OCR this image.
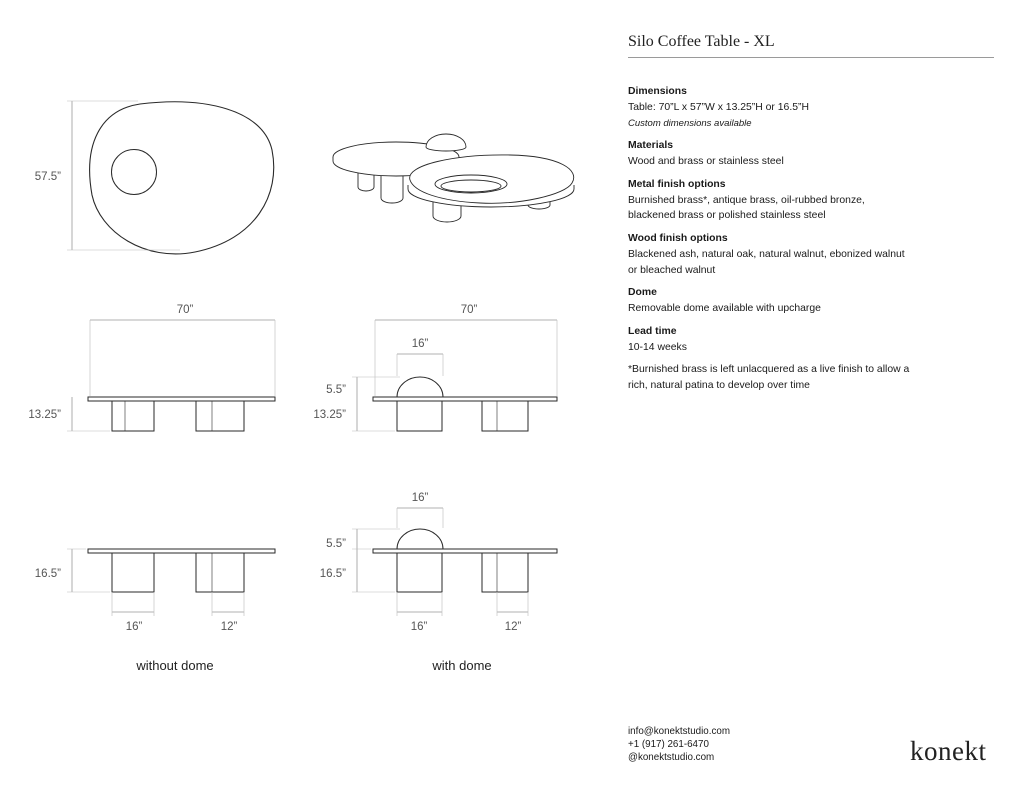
57.5”
70”	70”
13.25”
16”
5.5”
13.25”
16”
5.5”
16.5”	16.5”
16”	12”	16”	12”
without dome	with dome
Silo Coffee Table - XL
Dimensions

Table: 70”L x 57”W x 13.25”H or 16.5”H

Custom dimensions available

Materials

Wood and brass or stainless steel

Metal finish options

Burnished brass*, antique brass, oil-rubbed bronze,

blackened brass or polished stainless steel

Wood finish options

Blackened ash, natural oak, natural walnut, ebonized walnut

or bleached walnut

Dome

Removable dome available with upcharge

Lead time

10-14 weeks

*Burnished brass is left unlacquered as a live finish to allow a

rich, natural patina to develop over time

info@konektstudio.com
+1 (917) 261-6470
@konektstudio.com	konekt
